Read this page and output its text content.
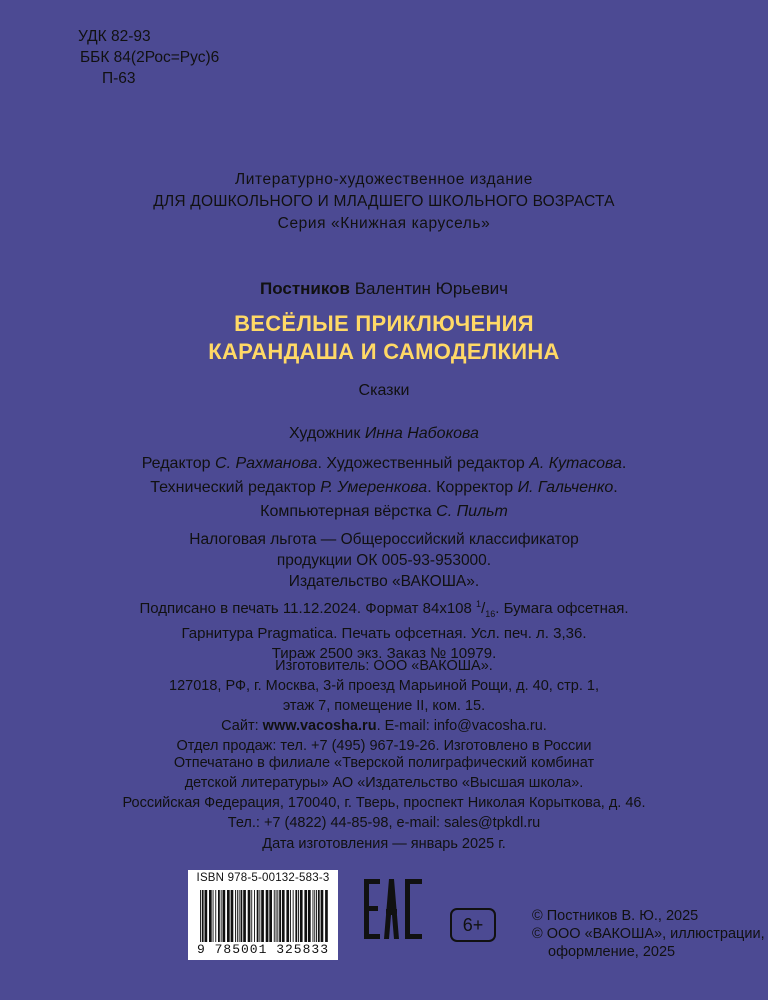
УДК 82-93
ББК 84(2Рос=Рус)6
П-63
Литературно-художественное издание
ДЛЯ ДОШКОЛЬНОГО И МЛАДШЕГО ШКОЛЬНОГО ВОЗРАСТА
Серия «Книжная карусель»
Постников Валентин Юрьевич
ВЕСЁЛЫЕ ПРИКЛЮЧЕНИЯ
КАРАНДАША И САМОДЕЛКИНА
Сказки
Художник Инна Набокова
Редактор С. Рахманова. Художественный редактор А. Кутасова.
Технический редактор Р. Умеренкова. Корректор И. Гальченко.
Компьютерная вёрстка С. Пильт
Налоговая льгота — Общероссийский классификатор
продукции ОК 005-93-953000.
Издательство «ВАКОША».
Подписано в печать 11.12.2024. Формат 84х108 $^1/_{16}$. Бумага офсетная.
Гарнитура Pragmatica. Печать офсетная. Усл. печ. л. 3,36.
Тираж 2500 экз. Заказ № 10979.
Изготовитель: ООО «ВАКОША».
127018, РФ, г. Москва, 3-й проезд Марьиной Рощи, д. 40, стр. 1,
этаж 7, помещение II, ком. 15.
Сайт: www.vacosha.ru. E-mail: info@vacosha.ru.
Отдел продаж: тел. +7 (495) 967-19-26. Изготовлено в России
Отпечатано в филиале «Тверской полиграфический комбинат
детской литературы» АО «Издательство «Высшая школа».
Российская Федерация, 170040, г. Тверь, проспект Николая Корыткова, д. 46.
Тел.: +7 (4822) 44-85-98, e-mail: sales@tpkdl.ru
Дата изготовления — январь 2025 г.
ISBN 978-5-00132-583-3
9 785001 325833
6+	© Постников В. Ю., 2025
© ООО «ВАКОША», иллюстрации,
оформление, 2025
